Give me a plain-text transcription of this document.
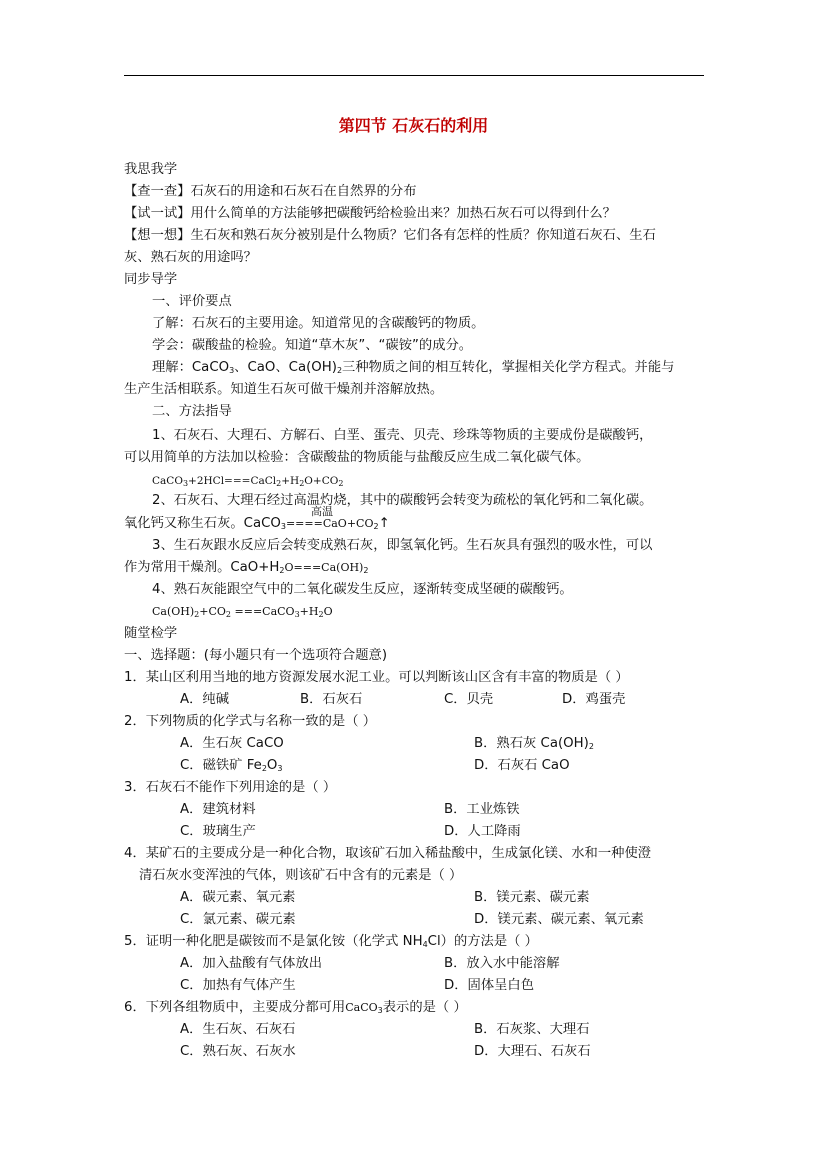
第四节 石灰石的利用
我思我学
【查一查】石灰石的用途和石灰石在自然界的分布
【试一试】用什么简单的方法能够把碳酸钙给检验出来？加热石灰石可以得到什么？
【想一想】生石灰和熟石灰分被别是什么物质？它们各有怎样的性质？你知道石灰石、生石
灰、熟石灰的用途吗？
同步导学
一、评价要点
了解：石灰石的主要用途。知道常见的含碳酸钙的物质。
学会：碳酸盐的检验。知道“草木灰”、“碳铵”的成分。
理解：CaCO$_3$、CaO、$Ca(OH)_2$三种物质之间的相互转化，掌握相关化学方程式。并能与
生产生活相联系。知道生石灰可做干燥剂并溶解放热。
二、方法指导
1、石灰石、大理石、方解石、白垩、蛋壳、贝壳、珍珠等物质的主要成份是碳酸钙，
可以用简单的方法加以检验：含碳酸盐的物质能与盐酸反应生成二氧化碳气体。
$CaCO_3+2HCl===CaCl_2+H_2O+CO_2$
2、石灰石、大理石经过高温灼烧，其中的碳酸钙会转变为疏松的氧化钙和二氧化碳。
氧化钙又称生石灰。$CaCO_3====CaO+CO_2↑$
高温
3、生石灰跟水反应后会转变成熟石灰，即氢氧化钙。生石灰具有强烈的吸水性，可以
作为常用干燥剂。$CaO+H_2O===Ca(OH)_2$
4、熟石灰能跟空气中的二氧化碳发生反应，逐渐转变成坚硬的碳酸钙。
$Ca(OH)_2+CO_2$ $===CaCO_3+H_2O$
随堂检学
一、选择题：(每小题只有一个选项符合题意)
1．某山区利用当地的地方资源发展水泥工业。可以判断该山区含有丰富的物质是（ ）
A．纯碱	B．石灰石	C．贝壳	D．鸡蛋壳
2．下列物质的化学式与名称一致的是（ ）
A．生石灰 CaCO	B．熟石灰 $Ca(OH)_2$
C．磁铁矿 $Fe_2O_3$	D．石灰石 CaO
3．石灰石不能作下列用途的是（ ）
A．建筑材料	B．工业炼铁
C．玻璃生产	D．人工降雨
4．某矿石的主要成分是一种化合物，取该矿石加入稀盐酸中，生成氯化镁、水和一种使澄
清石灰水变浑浊的气体，则该矿石中含有的元素是（ ）
A．碳元素、氧元素	B．镁元素、碳元素
C．氯元素、碳元素	D．镁元素、碳元素、氧元素
5．证明一种化肥是碳铵而不是氯化铵（化学式 $NH_4Cl$）的方法是（ ）
A．加入盐酸有气体放出	B．放入水中能溶解
C．加热有气体产生	D．固体呈白色
6．下列各组物质中，主要成分都可用CaCO$_3$表示的是（ ）
A．生石灰、石灰石	B．石灰浆、大理石
C．熟石灰、石灰水	D．大理石、石灰石
